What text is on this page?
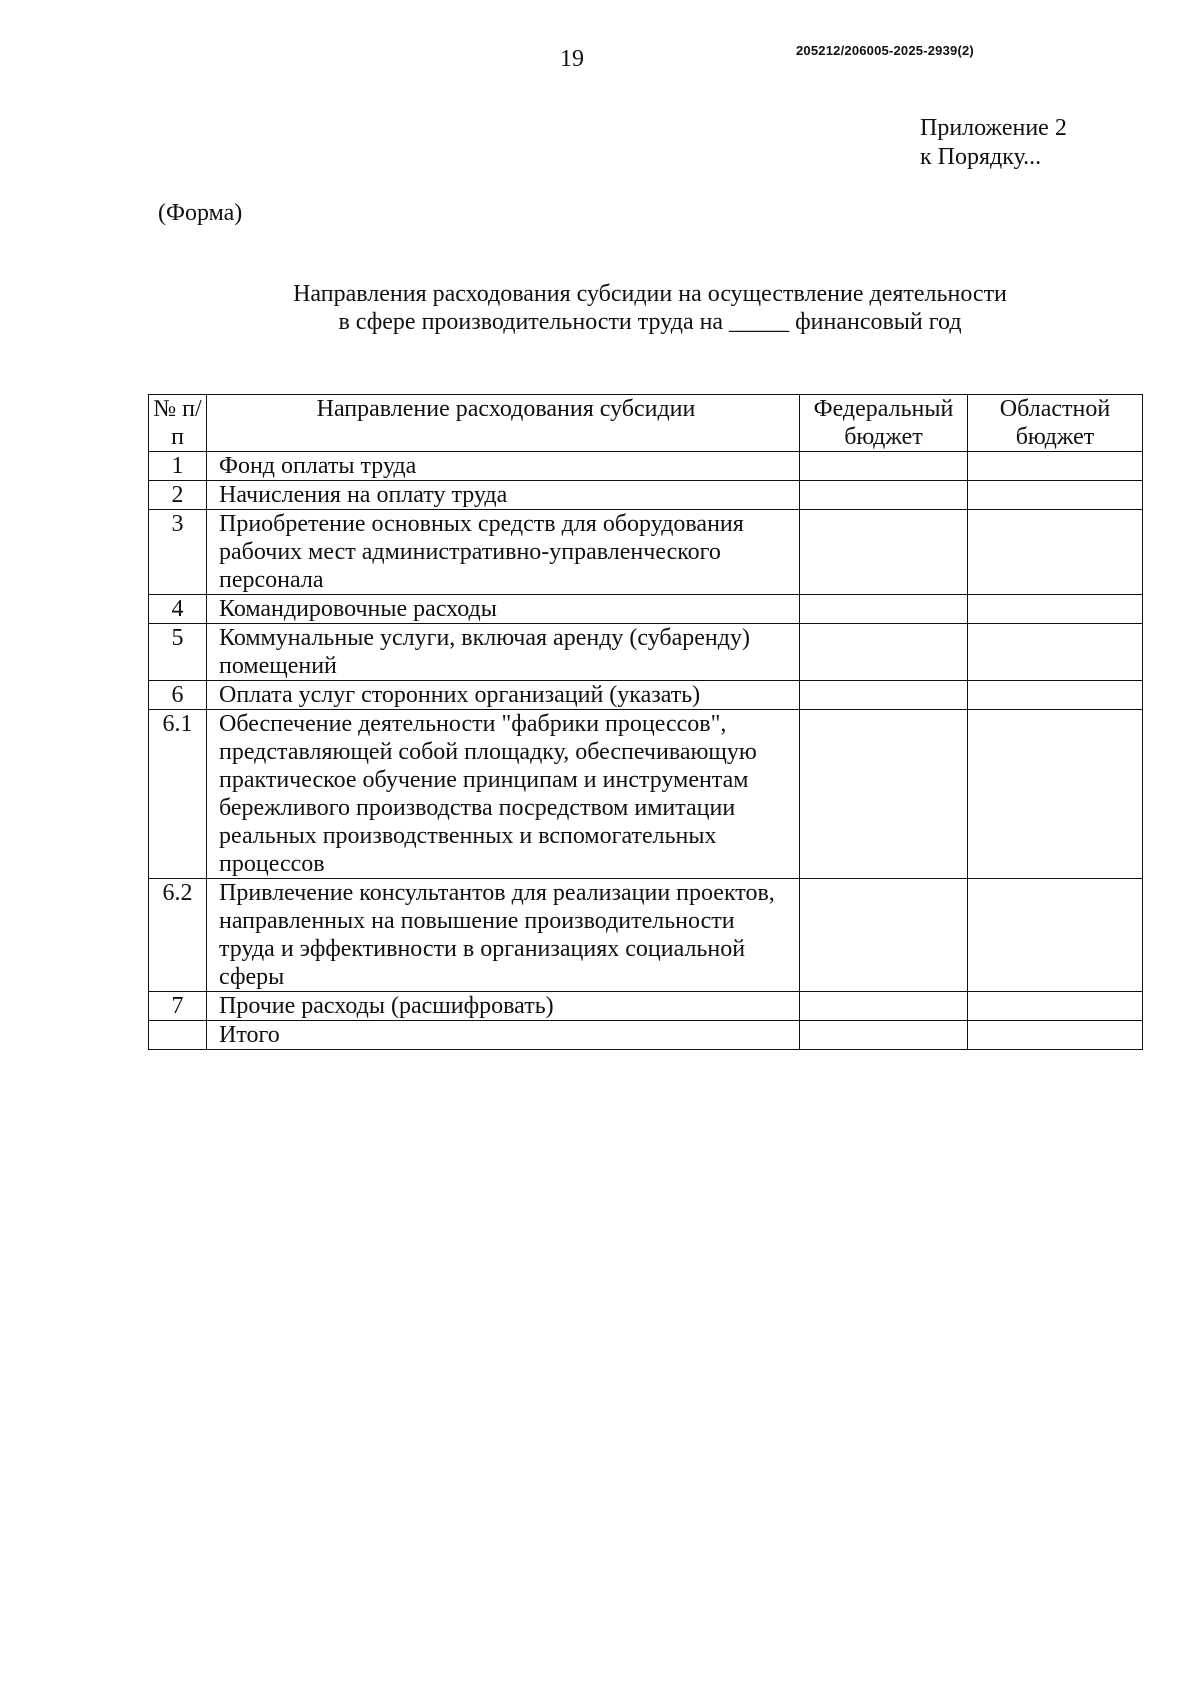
19	205212/206005-2025-2939(2)
Приложение 2
к Порядку...
(Форма)
Направления расходования субсидии на осуществление деятельности
в сфере производительности труда на _____ финансовый год
№ п/п	Направление расходования субсидии	Федеральный бюджет	Областной бюджет
1	Фонд оплаты труда		
2	Начисления на оплату труда		
3	Приобретение основных средств для оборудования рабочих мест административно-управленческого персонала		
4	Командировочные расходы		
5	Коммунальные услуги, включая аренду (субаренду) помещений		
6	Оплата услуг сторонних организаций (указать)		
6.1	Обеспечение деятельности "фабрики процессов", представляющей собой площадку, обеспечивающую практическое обучение принципам и инструментам бережливого производства посредством имитации реальных производственных и вспомогательных процессов		
6.2	Привлечение консультантов для реализации проектов, направленных на повышение производительности труда и эффективности в организациях социальной сферы		
7	Прочие расходы (расшифровать)		
	Итого		
